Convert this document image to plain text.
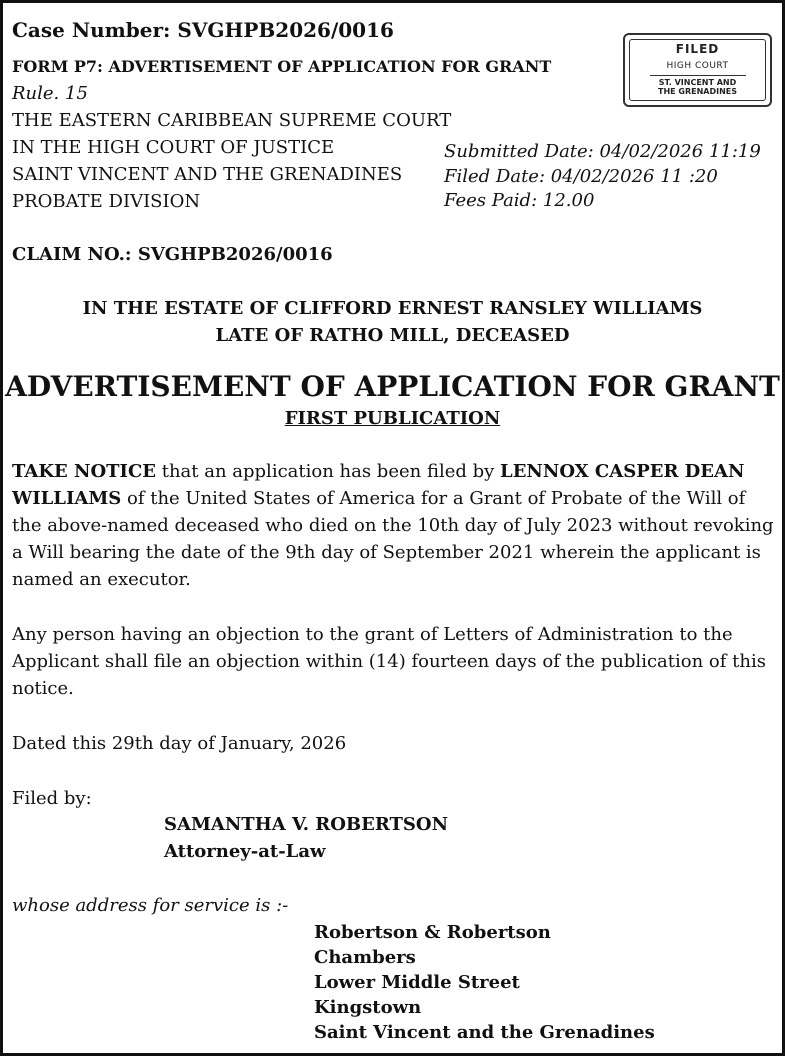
Case Number: SVGHPB2026/0016
FORM P7: ADVERTISEMENT OF APPLICATION FOR GRANT
Rule. 15
THE EASTERN CARIBBEAN SUPREME COURT
IN THE HIGH COURT OF JUSTICE
SAINT VINCENT AND THE GRENADINES
PROBATE DIVISION
Submitted Date: 04/02/2026 11:19
Filed Date: 04/02/2026 11 :20
Fees Paid: 12.00
FILED
HIGH COURT
ST. VINCENT AND
THE GRENADINES
CLAIM NO.: SVGHPB2026/0016
IN THE ESTATE OF CLIFFORD ERNEST RANSLEY WILLIAMS
LATE OF RATHO MILL, DECEASED
ADVERTISEMENT OF APPLICATION FOR GRANT
FIRST PUBLICATION
TAKE NOTICE that an application has been filed by LENNOX CASPER DEAN WILLIAMS of the United States of America for a Grant of Probate of the Will of the above-named deceased who died on the 10th day of July 2023 without revoking a Will bearing the date of the 9th day of September 2021 wherein the applicant is named an executor.
Any person having an objection to the grant of Letters of Administration to the Applicant shall file an objection within (14) fourteen days of the publication of this notice.
Dated this 29th day of January, 2026
Filed by:
SAMANTHA V. ROBERTSON
Attorney-at-Law
whose address for service is :-
Robertson & Robertson
Chambers
Lower Middle Street
Kingstown
Saint Vincent and the Grenadines
